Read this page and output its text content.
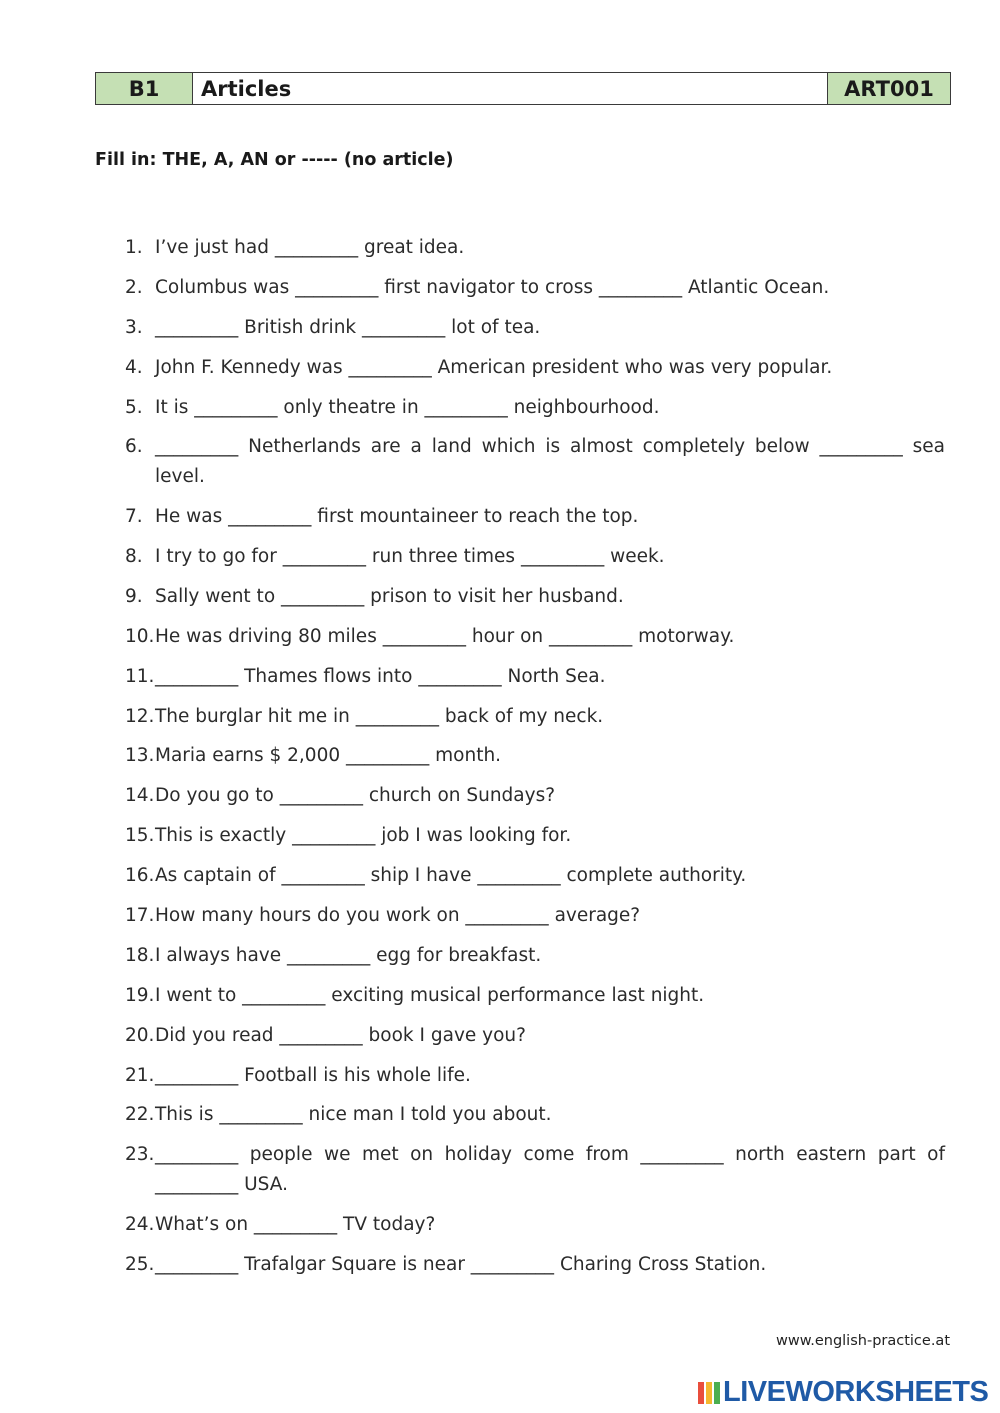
B1	Articles	ART001
Fill in: THE, A, AN or ----- (no article)
1. I’ve just had _________ great idea.
2. Columbus was _________ first navigator to cross _________ Atlantic Ocean.
3. _________ British drink _________ lot of tea.
4. John F. Kennedy was _________ American president who was very popular.
5. It is _________ only theatre in _________ neighbourhood.
6. _________ Netherlands are a land which is almost completely below _________ sea level.
7. He was _________ first mountaineer to reach the top.
8. I try to go for _________ run three times _________ week.
9. Sally went to _________ prison to visit her husband.
10. He was driving 80 miles _________ hour on _________ motorway.
11. _________ Thames flows into _________ North Sea.
12. The burglar hit me in _________ back of my neck.
13. Maria earns $ 2,000 _________ month.
14. Do you go to _________ church on Sundays?
15. This is exactly _________ job I was looking for.
16. As captain of _________ ship I have _________ complete authority.
17. How many hours do you work on _________ average?
18. I always have _________ egg for breakfast.
19. I went to _________ exciting musical performance last night.
20. Did you read _________ book I gave you?
21. _________ Football is his whole life.
22. This is _________ nice man I told you about.
23. _________ people we met on holiday come from _________ north eastern part of _________ USA.
24. What’s on _________ TV today?
25. _________ Trafalgar Square is near _________ Charing Cross Station.
www.english-practice.at
LIVEWORKSHEETS
